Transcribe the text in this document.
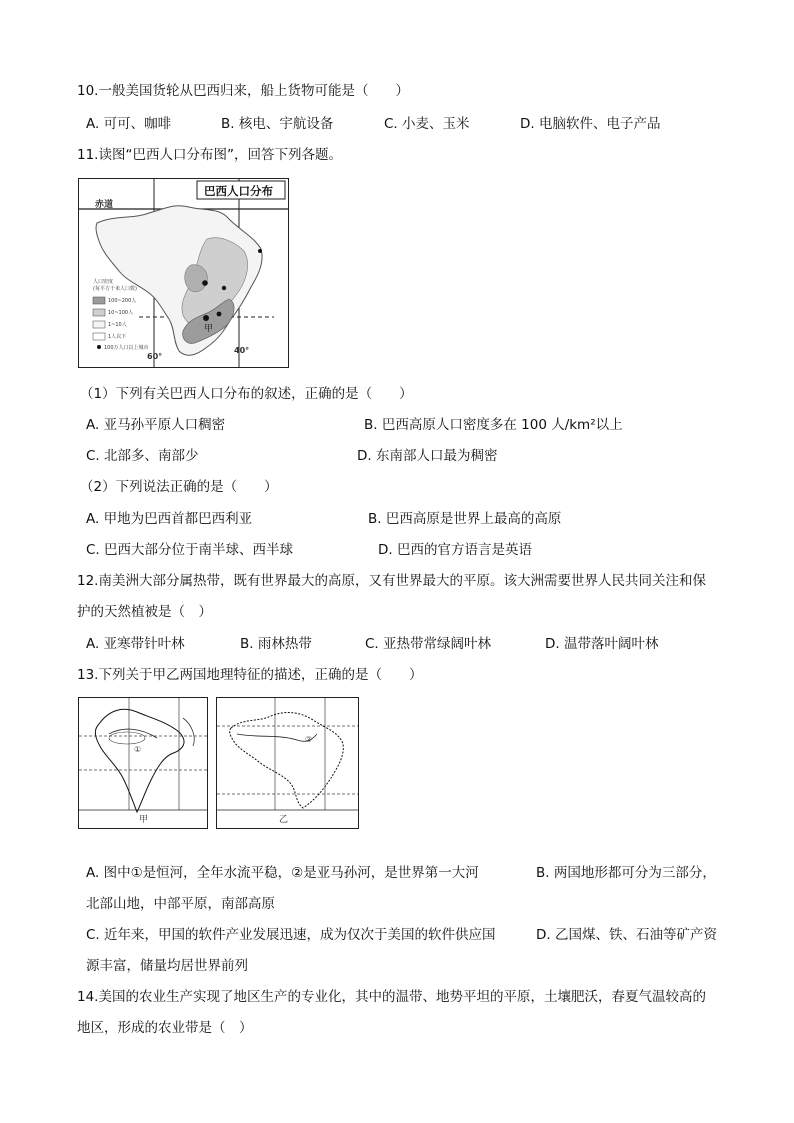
10.一般美国货轮从巴西归来，船上货物可能是（　　）
A. 可可、咖啡	B. 核电、宇航设备	C. 小麦、玉米	D. 电脑软件、电子产品
11.读图“巴西人口分布图”，回答下列各题。
巴西人口分布
赤道
60°
40°
甲
人口密度
(每平方千米人口数)
100~200人
10~100人
1~10人
1人以下
100万人口以上城市
（1）下列有关巴西人口分布的叙述，正确的是（　　）
A. 亚马孙平原人口稠密	B. 巴西高原人口密度多在 100 人/km²以上
C. 北部多、南部少	D. 东南部人口最为稠密
（2）下列说法正确的是（　　）
A. 甲地为巴西首都巴西利亚	B. 巴西高原是世界上最高的高原
C. 巴西大部分位于南半球、西半球	D. 巴西的官方语言是英语
12.南美洲大部分属热带，既有世界最大的高原，又有世界最大的平原。该大洲需要世界人民共同关注和保
护的天然植被是（　）
A. 亚寒带针叶林	B. 雨林热带	C. 亚热带常绿阔叶林	D. 温带落叶阔叶林
13.下列关于甲乙两国地理特征的描述，正确的是（　　）
①
甲
②
乙
A. 图中①是恒河，全年水流平稳，②是亚马孙河，是世界第一大河	B. 两国地形都可分为三部分，
北部山地，中部平原，南部高原
C. 近年来，甲国的软件产业发展迅速，成为仅次于美国的软件供应国	D. 乙国煤、铁、石油等矿产资
源丰富，储量均居世界前列
14.美国的农业生产实现了地区生产的专业化，其中的温带、地势平坦的平原，土壤肥沃，春夏气温较高的
地区，形成的农业带是（　）
